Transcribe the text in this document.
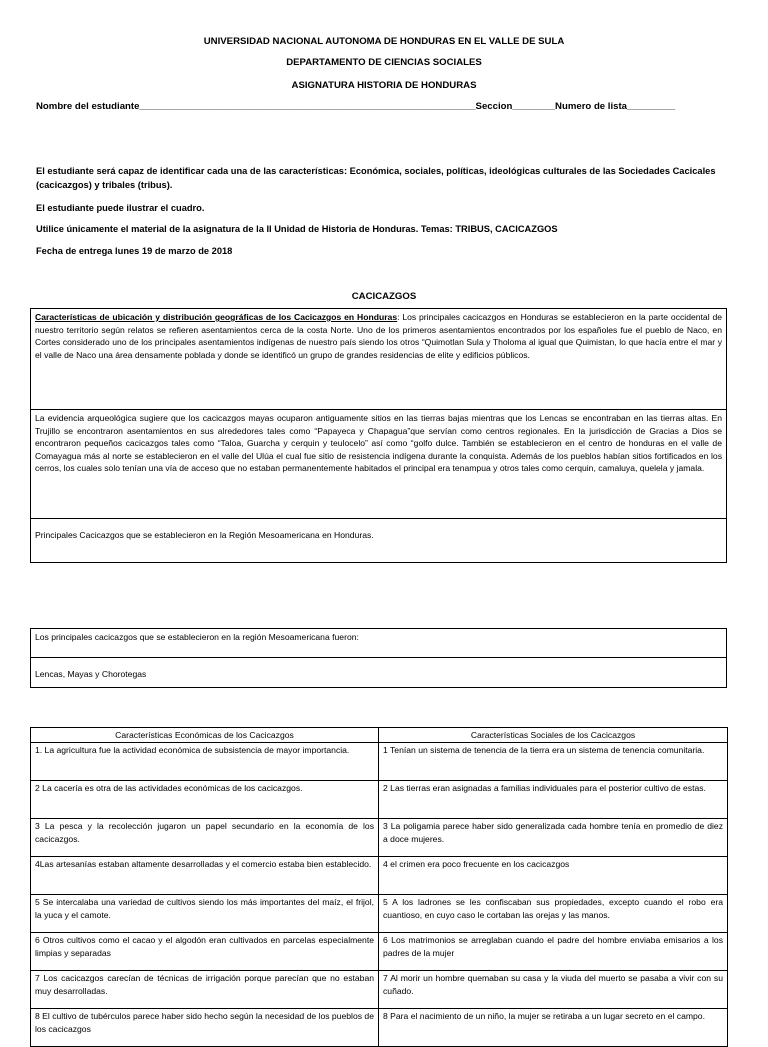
UNIVERSIDAD NACIONAL AUTONOMA DE HONDURAS EN EL VALLE DE SULA
DEPARTAMENTO DE CIENCIAS SOCIALES
ASIGNATURA HISTORIA DE HONDURAS
Nombre del estudiante_______________________________________________________________Seccion________Numero de lista_________
El estudiante será capaz de identificar cada una de las características: Económica, sociales, políticas, ideológicas culturales de las Sociedades Cacicales (cacicazgos) y tribales (tribus).
El estudiante puede ilustrar el cuadro.
Utilice únicamente el material de la asignatura de la II Unidad de Historia de Honduras. Temas: TRIBUS, CACICAZGOS
Fecha de entrega lunes 19 de marzo de 2018
CACICAZGOS
Características de ubicación y distribución geográficas de los Cacicazgos en Honduras: Los principales cacicazgos en Honduras se establecieron en la parte occidental de nuestro territorio según relatos se refieren asentamientos cerca de la costa Norte. Uno de los primeros asentamientos encontrados por los españoles fue el pueblo de Naco, en Cortes considerado uno de los principales asentamientos indígenas de nuestro país siendo los otros “Quimotlan Sula y Tholoma al igual que Quimistan, lo que hacía entre el mar y el valle de Naco una área densamente poblada y donde se identificó un grupo de grandes residencias de elite y edificios públicos.
La evidencia arqueológica sugiere que los cacicazgos mayas ocuparon antiguamente sitios en las tierras bajas mientras que los Lencas se encontraban en las tierras altas. En Trujillo se encontraron asentamientos en sus alrededores tales como “Papayeca y Chapagua”que servían como centros regionales. En la jurisdicción de Gracias a Dios se encontraron pequeños cacicazgos tales como “Taloa, Guarcha y cerquin y teulocelo” así como “golfo dulce. También se establecieron en el centro de honduras en el valle de Comayagua más al norte se establecieron en el valle del Ulúa el cual fue sitio de resistencia indígena durante la conquista. Además de los pueblos habían sitios fortificados en los cerros, los cuales solo tenían una vía de acceso que no estaban permanentemente habitados el principal era tenampua y otros tales como cerquin, camaluya, quelela y jamala.
Principales Cacicazgos que se establecieron en la Región Mesoamericana en Honduras.
Los principales cacicazgos que se establecieron en la región Mesoamericana fueron:
Lencas, Mayas y Chorotegas
Características Económicas de los Cacicazgos	Características Sociales de los Cacicazgos
1. La agricultura fue la actividad económica de subsistencia de mayor importancia.	1 Tenían un sistema de tenencia de la tierra era un sistema de tenencia comunitaria.
2 La cacería es otra de las actividades económicas de los cacicazgos.	2 Las tierras eran asignadas a familias individuales para el posterior cultivo de estas.
3 La pesca y la recolección jugaron un papel secundario en la economía de los cacicazgos.	3 La poligamia parece haber sido generalizada cada hombre tenía en promedio de diez a doce mujeres.
4Las artesanías estaban altamente desarrolladas y el comercio estaba bien establecido.	4 el crimen era poco frecuente en los cacicazgos
5 Se intercalaba una variedad de cultivos siendo los más importantes del maíz, el frijol, la yuca y el camote.	5 A los ladrones se les confiscaban sus propiedades, excepto cuando el robo era cuantioso, en cuyo caso le cortaban las orejas y las manos.
6 Otros cultivos como el cacao y el algodón eran cultivados en parcelas especialmente limpias y separadas	6 Los matrimonios se arreglaban cuando el padre del hombre enviaba emisarios a los padres de la mujer
7 Los cacicazgos carecían de técnicas de irrigación porque parecían que no estaban muy desarrolladas.	7 Al morir un hombre quemaban su casa y la viuda del muerto se pasaba a vivir con su cuñado.
8 El cultivo de tubérculos parece haber sido hecho según la necesidad de los pueblos de los cacicazgos	8 Para el nacimiento de un niño, la mujer se retiraba a un lugar secreto en el campo.
